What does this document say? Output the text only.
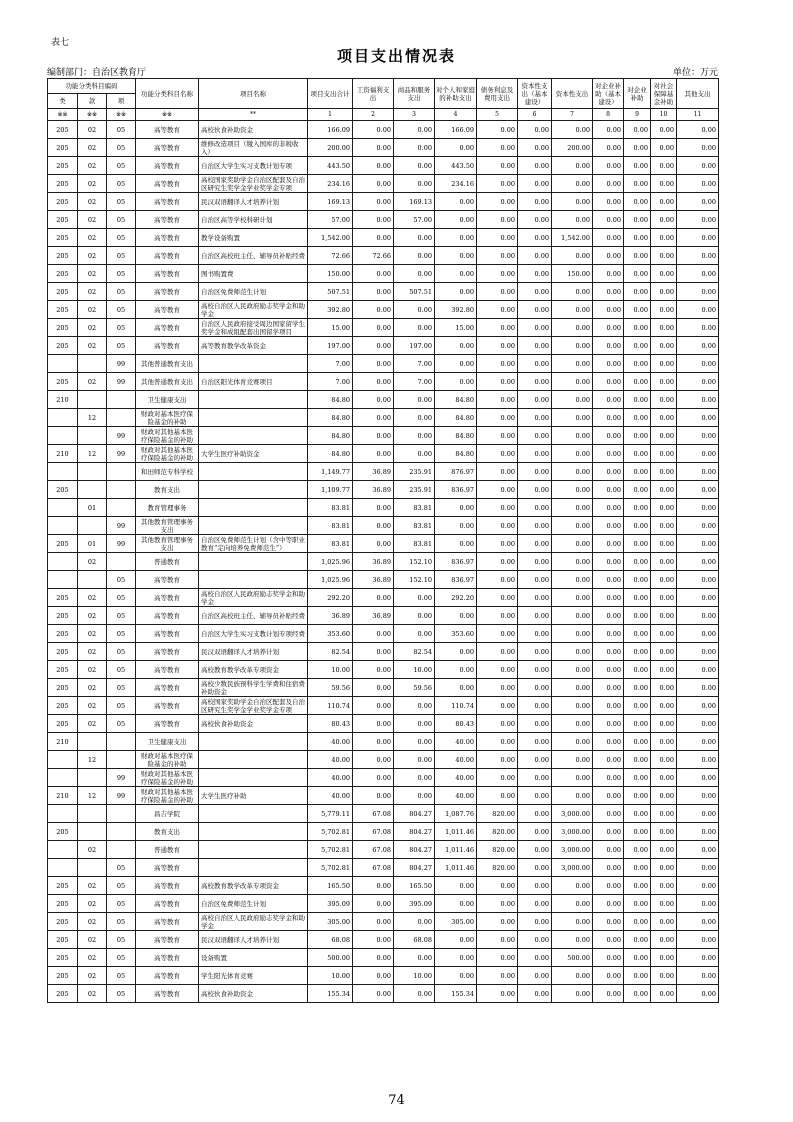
表七
项目支出情况表
编制部门：自治区教育厅	单位：万元
功能分类科目编码			功能分类科目名称	项目名称	项目支出合计	工资福利支出	商品和服务支出	对个人和家庭的补助支出	债务利息及费用支出	资本性支出（基本建设）	资本性支出	对企业补助（基本建设）	对企业补助	对社会保障基金补助	其他支出
类	款	项													
※※	※※	※※	※※	**	1	2	3	4	5	6	7	8	9	10	11
205	02	05	高等教育	高校伙食补助资金	166.09	0.00	0.00	166.09	0.00	0.00	0.00	0.00	0.00	0.00	0.00
205	02	05	高等教育	维修改造项目（缴入国库的非税收入）	200.00	0.00	0.00	0.00	0.00	0.00	200.00	0.00	0.00	0.00	0.00
205	02	05	高等教育	自治区大学生实习支教计划专项	443.50	0.00	0.00	443.50	0.00	0.00	0.00	0.00	0.00	0.00	0.00
205	02	05	高等教育	高校国家奖助学金自治区配套及自治区研究生奖学金学业奖学金专项	234.16	0.00	0.00	234.16	0.00	0.00	0.00	0.00	0.00	0.00	0.00
205	02	05	高等教育	民汉双语翻译人才培养计划	169.13	0.00	169.13	0.00	0.00	0.00	0.00	0.00	0.00	0.00	0.00
205	02	05	高等教育	自治区高等学校科研计划	57.00	0.00	57.00	0.00	0.00	0.00	0.00	0.00	0.00	0.00	0.00
205	02	05	高等教育	教学设备购置	1,542.00	0.00	0.00	0.00	0.00	0.00	1,542.00	0.00	0.00	0.00	0.00
205	02	05	高等教育	自治区高校班主任、辅导员补贴经费	72.66	72.66	0.00	0.00	0.00	0.00	0.00	0.00	0.00	0.00	0.00
205	02	05	高等教育	图书购置费	150.00	0.00	0.00	0.00	0.00	0.00	150.00	0.00	0.00	0.00	0.00
205	02	05	高等教育	自治区免费师范生计划	507.51	0.00	507.51	0.00	0.00	0.00	0.00	0.00	0.00	0.00	0.00
205	02	05	高等教育	高校自治区人民政府励志奖学金和助学金	392.80	0.00	0.00	392.80	0.00	0.00	0.00	0.00	0.00	0.00	0.00
205	02	05	高等教育	自治区人民政府接受周边国家留学生奖学金和成组配套出国留学项目	15.00	0.00	0.00	15.00	0.00	0.00	0.00	0.00	0.00	0.00	0.00
205	02	05	高等教育	高等教育教学改革资金	197.00	0.00	197.00	0.00	0.00	0.00	0.00	0.00	0.00	0.00	0.00
		99	其他普通教育支出		7.00	0.00	7.00	0.00	0.00	0.00	0.00	0.00	0.00	0.00	0.00
205	02	99	其他普通教育支出	自治区阳光体育竞赛项目	7.00	0.00	7.00	0.00	0.00	0.00	0.00	0.00	0.00	0.00	0.00
210			卫生健康支出		84.80	0.00	0.00	84.80	0.00	0.00	0.00	0.00	0.00	0.00	0.00
	12		财政对基本医疗保险基金的补助		84.80	0.00	0.00	84.80	0.00	0.00	0.00	0.00	0.00	0.00	0.00
		99	财政对其他基本医疗保险基金的补助		84.80	0.00	0.00	84.80	0.00	0.00	0.00	0.00	0.00	0.00	0.00
210	12	99	财政对其他基本医疗保险基金的补助	大学生医疗补助资金	84.80	0.00	0.00	84.80	0.00	0.00	0.00	0.00	0.00	0.00	0.00
			和田师范专科学校		1,149.77	36.89	235.91	876.97	0.00	0.00	0.00	0.00	0.00	0.00	0.00
205			教育支出		1,109.77	36.89	235.91	836.97	0.00	0.00	0.00	0.00	0.00	0.00	0.00
	01		教育管理事务		83.81	0.00	83.81	0.00	0.00	0.00	0.00	0.00	0.00	0.00	0.00
		99	其他教育管理事务支出		83.81	0.00	83.81	0.00	0.00	0.00	0.00	0.00	0.00	0.00	0.00
205	01	99	其他教育管理事务支出	自治区免费师范生计划（含中等职业教育“定向培养免费师范生”）	83.81	0.00	83.81	0.00	0.00	0.00	0.00	0.00	0.00	0.00	0.00
	02		普通教育		1,025.96	36.89	152.10	836.97	0.00	0.00	0.00	0.00	0.00	0.00	0.00
		05	高等教育		1,025.96	36.89	152.10	836.97	0.00	0.00	0.00	0.00	0.00	0.00	0.00
205	02	05	高等教育	高校自治区人民政府励志奖学金和助学金	292.20	0.00	0.00	292.20	0.00	0.00	0.00	0.00	0.00	0.00	0.00
205	02	05	高等教育	自治区高校班主任、辅导员补贴经费	36.89	36.89	0.00	0.00	0.00	0.00	0.00	0.00	0.00	0.00	0.00
205	02	05	高等教育	自治区大学生实习支教计划专项经费	353.60	0.00	0.00	353.60	0.00	0.00	0.00	0.00	0.00	0.00	0.00
205	02	05	高等教育	民汉双语翻译人才培养计划	82.54	0.00	82.54	0.00	0.00	0.00	0.00	0.00	0.00	0.00	0.00
205	02	05	高等教育	高校教育教学改革专项资金	10.00	0.00	10.00	0.00	0.00	0.00	0.00	0.00	0.00	0.00	0.00
205	02	05	高等教育	高校少数民族预科学生学费和住宿费补助资金	59.56	0.00	59.56	0.00	0.00	0.00	0.00	0.00	0.00	0.00	0.00
205	02	05	高等教育	高校国家奖助学金自治区配套及自治区研究生奖学金学业奖学金专项	110.74	0.00	0.00	110.74	0.00	0.00	0.00	0.00	0.00	0.00	0.00
205	02	05	高等教育	高校伙食补助资金	80.43	0.00	0.00	80.43	0.00	0.00	0.00	0.00	0.00	0.00	0.00
210			卫生健康支出		40.00	0.00	0.00	40.00	0.00	0.00	0.00	0.00	0.00	0.00	0.00
	12		财政对基本医疗保险基金的补助		40.00	0.00	0.00	40.00	0.00	0.00	0.00	0.00	0.00	0.00	0.00
		99	财政对其他基本医疗保险基金的补助		40.00	0.00	0.00	40.00	0.00	0.00	0.00	0.00	0.00	0.00	0.00
210	12	99	财政对其他基本医疗保险基金的补助	大学生医疗补助	40.00	0.00	0.00	40.00	0.00	0.00	0.00	0.00	0.00	0.00	0.00
			昌吉学院		5,779.11	67.08	804.27	1,087.76	820.00	0.00	3,000.00	0.00	0.00	0.00	0.00
205			教育支出		5,702.81	67.08	804.27	1,011.46	820.00	0.00	3,000.00	0.00	0.00	0.00	0.00
	02		普通教育		5,702.81	67.08	804.27	1,011.46	820.00	0.00	3,000.00	0.00	0.00	0.00	0.00
		05	高等教育		5,702.81	67.08	804.27	1,011.46	820.00	0.00	3,000.00	0.00	0.00	0.00	0.00
205	02	05	高等教育	高校教育教学改革专项资金	165.50	0.00	165.50	0.00	0.00	0.00	0.00	0.00	0.00	0.00	0.00
205	02	05	高等教育	自治区免费师范生计划	395.09	0.00	395.09	0.00	0.00	0.00	0.00	0.00	0.00	0.00	0.00
205	02	05	高等教育	高校自治区人民政府励志奖学金和助学金	305.00	0.00	0.00	305.00	0.00	0.00	0.00	0.00	0.00	0.00	0.00
205	02	05	高等教育	民汉双语翻译人才培养计划	68.08	0.00	68.08	0.00	0.00	0.00	0.00	0.00	0.00	0.00	0.00
205	02	05	高等教育	设备购置	500.00	0.00	0.00	0.00	0.00	0.00	500.00	0.00	0.00	0.00	0.00
205	02	05	高等教育	学生阳光体育竞赛	10.00	0.00	10.00	0.00	0.00	0.00	0.00	0.00	0.00	0.00	0.00
205	02	05	高等教育	高校伙食补助资金	155.34	0.00	0.00	155.34	0.00	0.00	0.00	0.00	0.00	0.00	0.00
74
